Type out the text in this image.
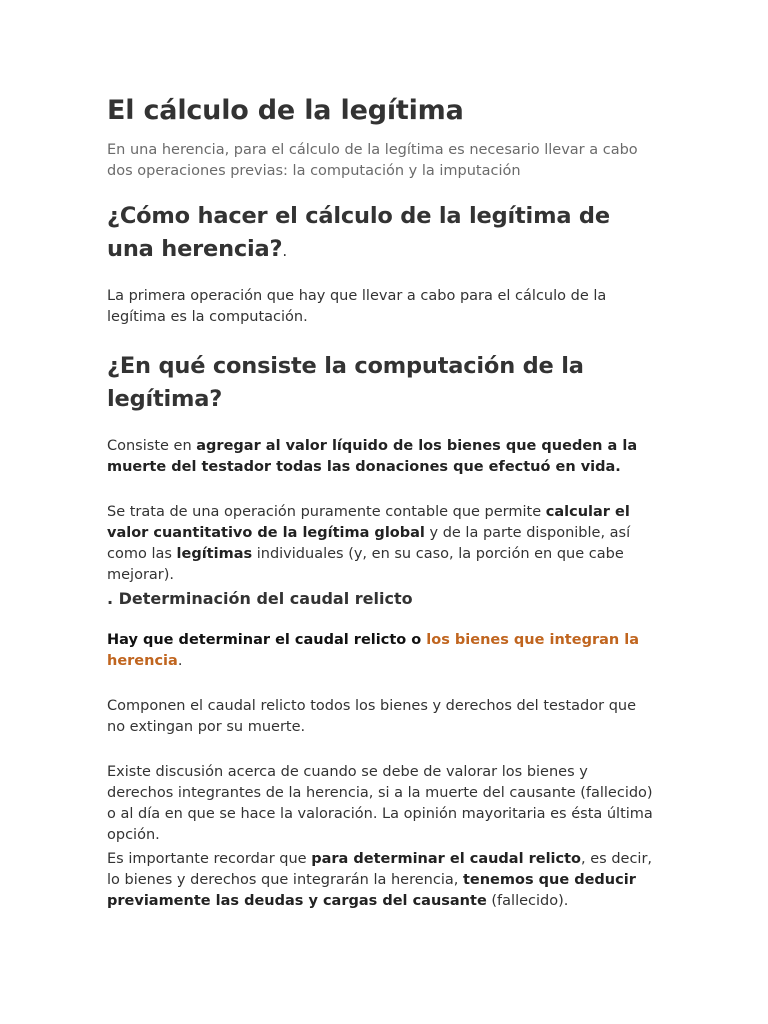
El cálculo de la legítima

En una herencia, para el cálculo de la legítima es necesario llevar a cabo dos operaciones previas: la computación y la imputación

¿Cómo hacer el cálculo de la legítima de una herencia?.

La primera operación que hay que llevar a cabo para el cálculo de la legítima es la computación.

¿En qué consiste la computación de la legítima?

Consiste en agregar al valor líquido de los bienes que queden a la muerte del testador todas las donaciones que efectuó en vida.

Se trata de una operación puramente contable que permite calcular el valor cuantitativo de la legítima global y de la parte disponible, así como las legítimas individuales (y, en su caso, la porción en que cabe mejorar).

. Determinación del caudal relicto

Hay que determinar el caudal relicto o los bienes que integran la herencia.

Componen el caudal relicto todos los bienes y derechos del testador que no extingan por su muerte.

Existe discusión acerca de cuando se debe de valorar los bienes y derechos integrantes de la herencia, si a la muerte del causante (fallecido) o al día en que se hace la valoración. La opinión mayoritaria es ésta última opción.

Es importante recordar que para determinar el caudal relicto, es decir, lo bienes y derechos que integrarán la herencia, tenemos que deducir previamente las deudas y cargas del causante (fallecido).
